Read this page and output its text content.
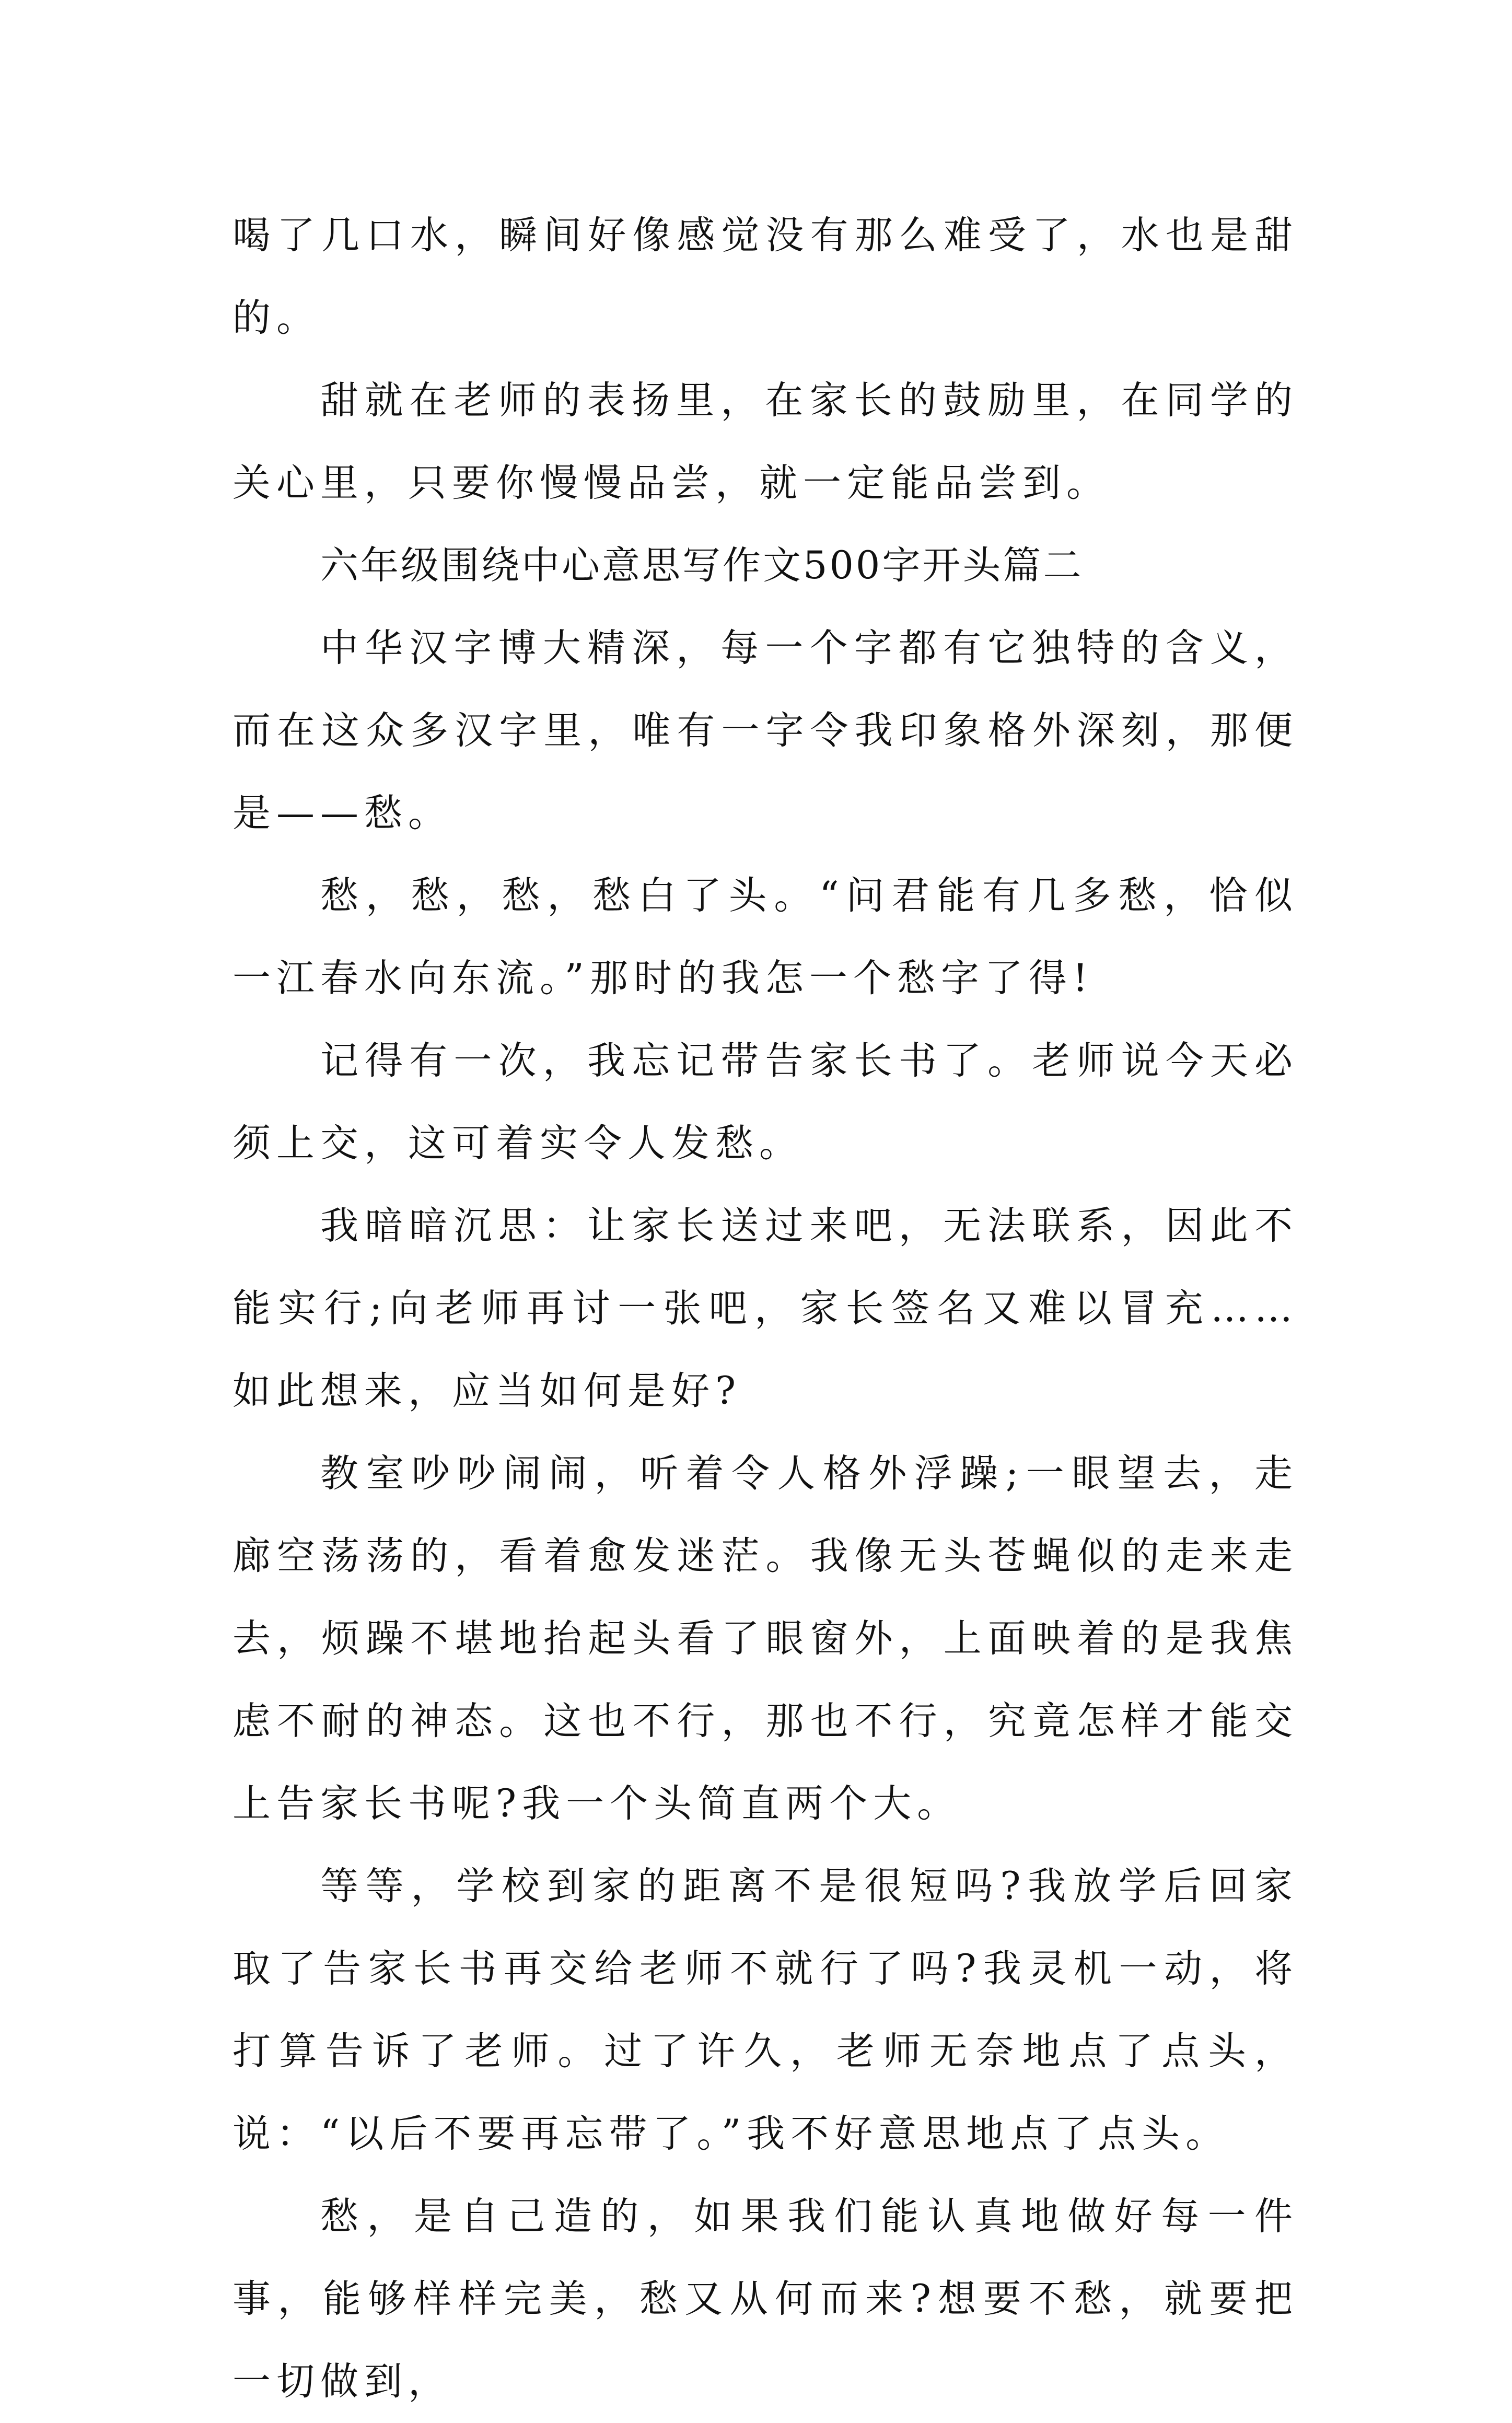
喝了几口水，瞬间好像感觉没有那么难受了，水也是甜的。

甜就在老师的表扬里，在家长的鼓励里，在同学的关心里，只要你慢慢品尝，就一定能品尝到。

六年级围绕中心意思写作文500字开头篇二

中华汉字博大精深，每一个字都有它独特的含义，而在这众多汉字里，唯有一字令我印象格外深刻，那便是——愁。

愁，愁，愁，愁白了头。“问君能有几多愁，恰似一江春水向东流。”那时的我怎一个愁字了得!

记得有一次，我忘记带告家长书了。老师说今天必须上交，这可着实令人发愁。

我暗暗沉思：让家长送过来吧，无法联系，因此不能实行;向老师再讨一张吧，家长签名又难以冒充……如此想来，应当如何是好?

教室吵吵闹闹，听着令人格外浮躁;一眼望去，走廊空荡荡的，看着愈发迷茫。我像无头苍蝇似的走来走去，烦躁不堪地抬起头看了眼窗外，上面映着的是我焦虑不耐的神态。这也不行，那也不行，究竟怎样才能交上告家长书呢?我一个头简直两个大。

等等，学校到家的距离不是很短吗?我放学后回家取了告家长书再交给老师不就行了吗?我灵机一动，将打算告诉了老师。过了许久，老师无奈地点了点头，说：“以后不要再忘带了。”我不好意思地点了点头。

愁，是自己造的，如果我们能认真地做好每一件事，能够样样完美，愁又从何而来?想要不愁，就要把一切做到，
